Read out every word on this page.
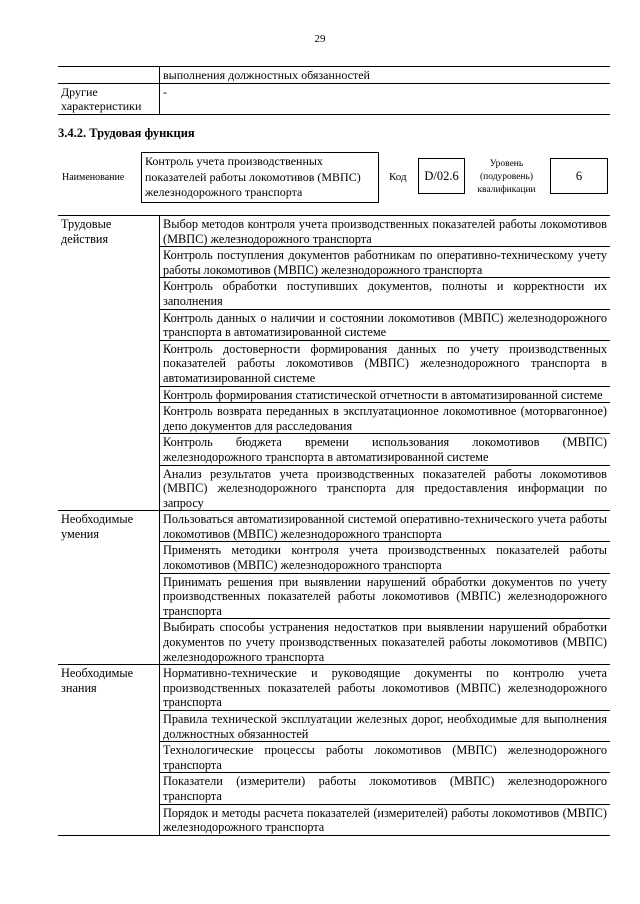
29
	выполнения должностных обязанностей
Другие характеристики	-
3.4.2. Трудовая функция
Наименование
Контроль учета производственных показателей работы локомотивов (МВПС) железнодорожного транспорта
Код	D/02.6
Уровень (подуровень) квалификации
6
Трудовые действия	Выбор методов контроля учета производственных показателей работы локомотивов (МВПС) железнодорожного транспорта
	Контроль поступления документов работникам по оперативно-техническому учету работы локомотивов (МВПС) железнодорожного транспорта
	Контроль обработки поступивших документов, полноты и корректности их заполнения
	Контроль данных о наличии и состоянии локомотивов (МВПС) железнодорожного транспорта в автоматизированной системе
	Контроль достоверности формирования данных по учету производственных показателей работы локомотивов (МВПС) железнодорожного транспорта в автоматизированной системе
	Контроль формирования статистической отчетности в автоматизированной системе
	Контроль возврата переданных в эксплуатационное локомотивное (моторвагонное) депо документов для расследования
	Контроль бюджета времени использования локомотивов (МВПС) железнодорожного транспорта в автоматизированной системе
	Анализ результатов учета производственных показателей работы локомотивов (МВПС) железнодорожного транспорта для предоставления информации по запросу
Необходимые умения	Пользоваться автоматизированной системой оперативно-технического учета работы локомотивов (МВПС) железнодорожного транспорта
	Применять методики контроля учета производственных показателей работы локомотивов (МВПС) железнодорожного транспорта
	Принимать решения при выявлении нарушений обработки документов по учету производственных показателей работы локомотивов (МВПС) железнодорожного транспорта
	Выбирать способы устранения недостатков при выявлении нарушений обработки документов по учету производственных показателей работы локомотивов (МВПС) железнодорожного транспорта
Необходимые знания	Нормативно-технические и руководящие документы по контролю учета производственных показателей работы локомотивов (МВПС) железнодорожного транспорта
	Правила технической эксплуатации железных дорог, необходимые для выполнения должностных обязанностей
	Технологические процессы работы локомотивов (МВПС) железнодорожного транспорта
	Показатели (измерители) работы локомотивов (МВПС) железнодорожного транспорта
	Порядок и методы расчета показателей (измерителей) работы локомотивов (МВПС) железнодорожного транспорта
